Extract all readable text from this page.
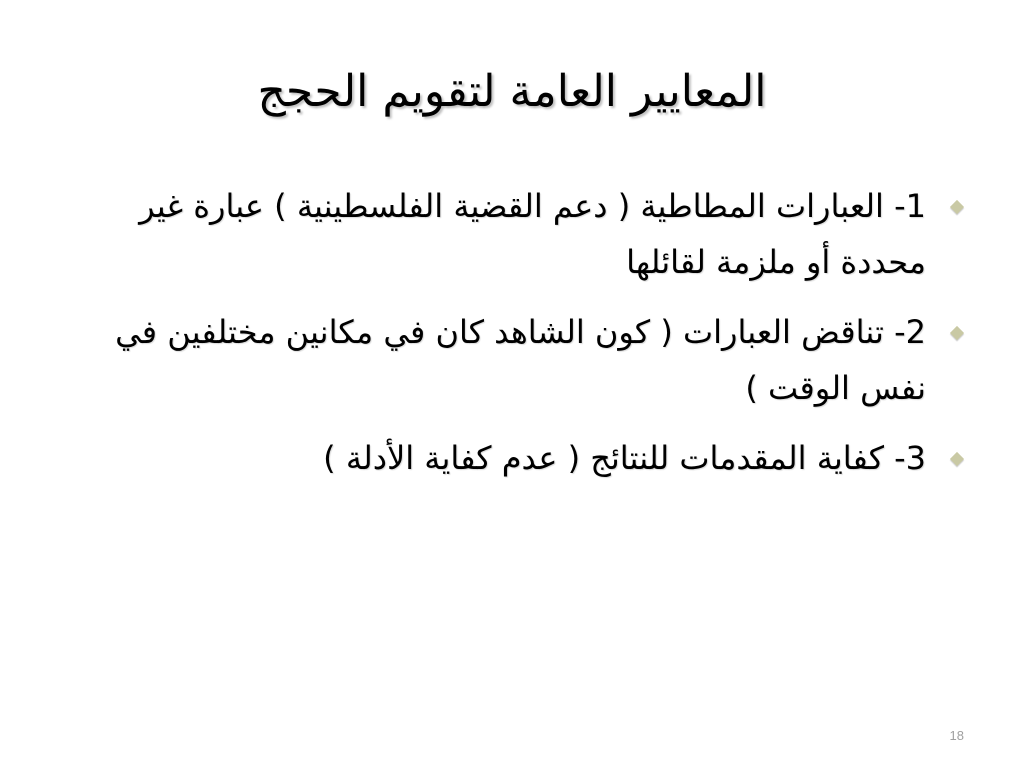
المعايير العامة لتقويم الحجج
1- العبارات المطاطية ( دعم القضية الفلسطينية ) عبارة غير محددة أو ملزمة لقائلها
2- تناقض العبارات ( كون الشاهد كان في مكانين مختلفين في نفس الوقت )
3- كفاية المقدمات للنتائج ( عدم كفاية الأدلة )
18
